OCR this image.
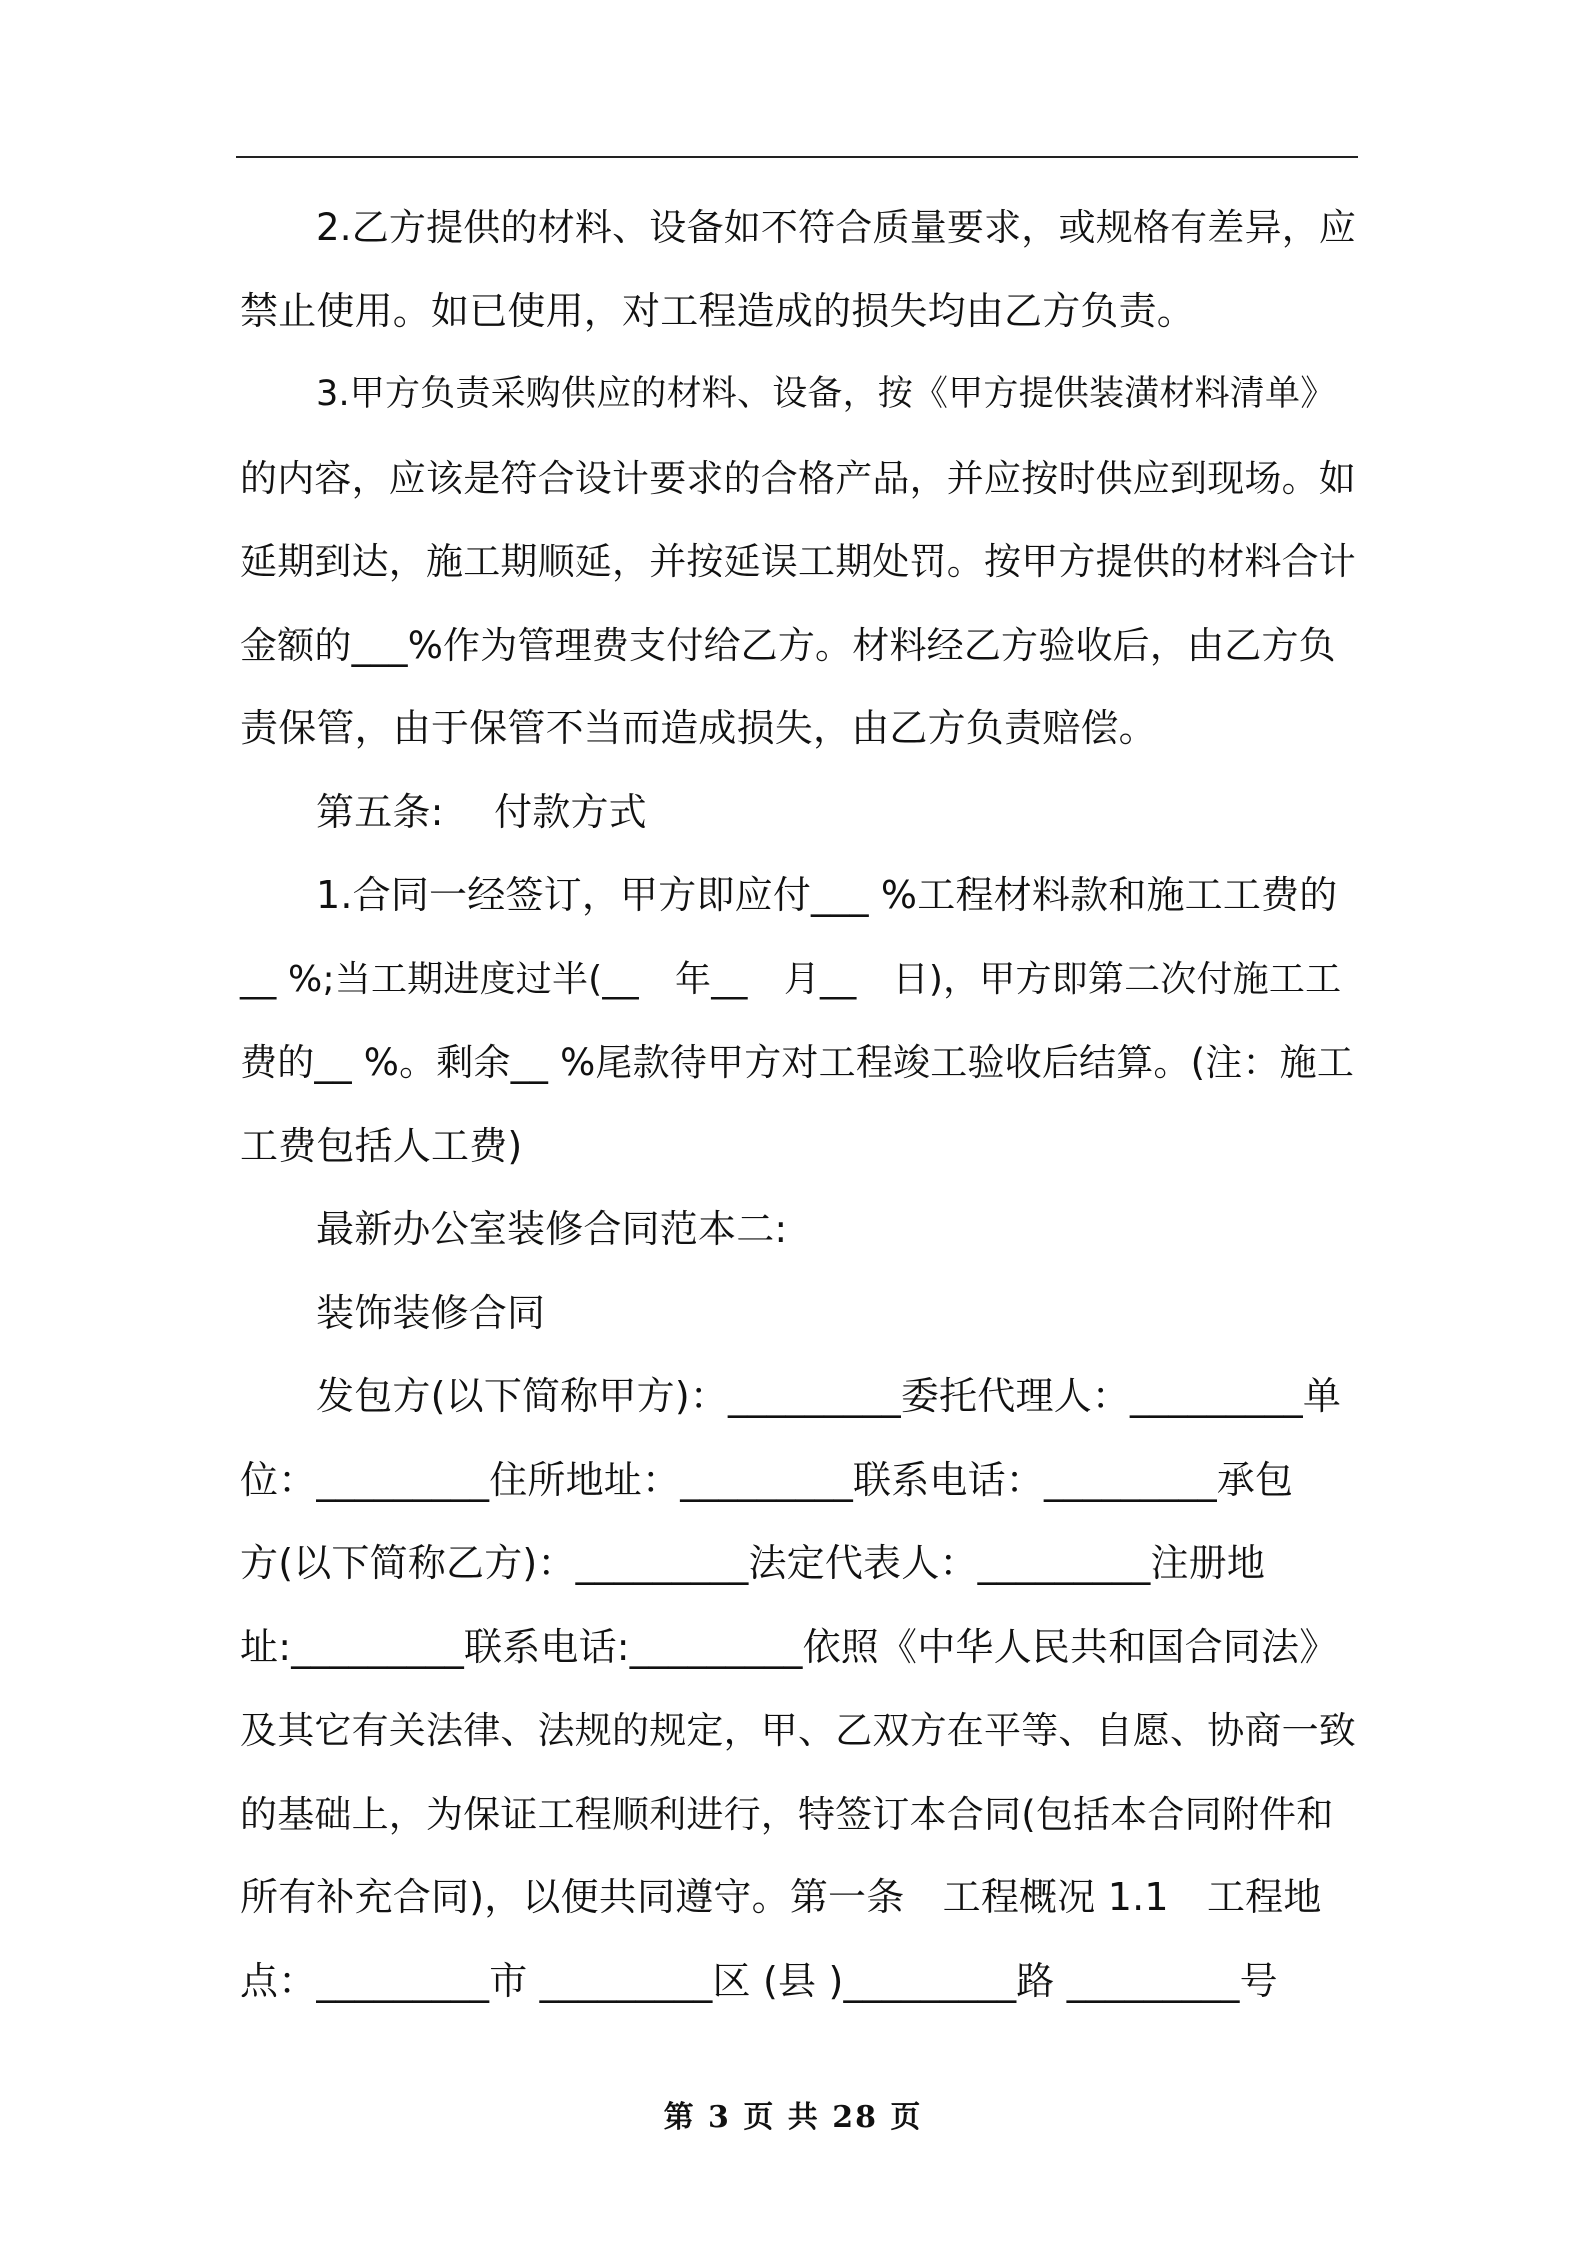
2.乙方提供的材料、设备如不符合质量要求，或规格有差异，应
禁止使用。如已使用，对工程造成的损失均由乙方负责。
3.甲方负责采购供应的材料、设备，按《甲方提供装潢材料清单》
的内容，应该是符合设计要求的合格产品，并应按时供应到现场。如
延期到达，施工期顺延，并按延误工期处罚。按甲方提供的材料合计
金额的___%作为管理费支付给乙方。材料经乙方验收后，由乙方负
责保管，由于保管不当而造成损失，由乙方负责赔偿。
第五条:　 付款方式
1.合同一经签订，甲方即应付___ %工程材料款和施工工费的
__ %;当工期进度过半(__　年__　月__　日)，甲方即第二次付施工工
费的__ %。剩余__ %尾款待甲方对工程竣工验收后结算。(注：施工
工费包括人工费)
最新办公室装修合同范本二:
装饰装修合同
发包方(以下简称甲方)：_________委托代理人：_________单
位：_________住所地址：_________联系电话：_________承包
方(以下简称乙方)：_________法定代表人：_________注册地
址:_________联系电话:_________依照《中华人民共和国合同法》
及其它有关法律、法规的规定，甲、乙双方在平等、自愿、协商一致
的基础上，为保证工程顺利进行，特签订本合同(包括本合同附件和
所有补充合同)，以便共同遵守。第一条　工程概况 1.1　工程地
点：_________市 _________区 (县 )_________路 _________号
第 3 页 共 28 页
